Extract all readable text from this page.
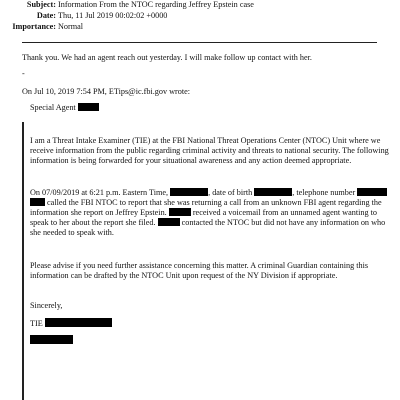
Subject: Information From the NTOC regarding Jeffrey Epstein case
Date: Thu, 11 Jul 2019 00:02:02 +0000
Importance: Normal
Thank you. We had an agent reach out yesterday. I will make follow up contact with her.
-
On Jul 10, 2019 7:54 PM, ETips@ic.fbi.gov wrote:
Special Agent
I am a Threat Intake Examiner (TIE) at the FBI National Threat Operations Center (NTOC) Unit where we
receive information from the public regarding criminal activity and threats to national security. The following
information is being forwarded for your situational awareness and any action deemed appropriate.
On 07/09/2019 at 6:21 p.m. Eastern Time,	, date of birth	, telephone number
called the FBI NTOC to report that she was returning a call from an unknown FBI agent regarding the
information she report on Jeffrey Epstein.	received a voicemail from an unnamed agent wanting to
speak to her about the report she filed.	contacted the NTOC but did not have any information on who
she needed to speak with.
Please advise if you need further assistance concerning this matter. A criminal Guardian containing this
information can be drafted by the NTOC Unit upon request of the NY Division if appropriate.
Sincerely,
TIE
